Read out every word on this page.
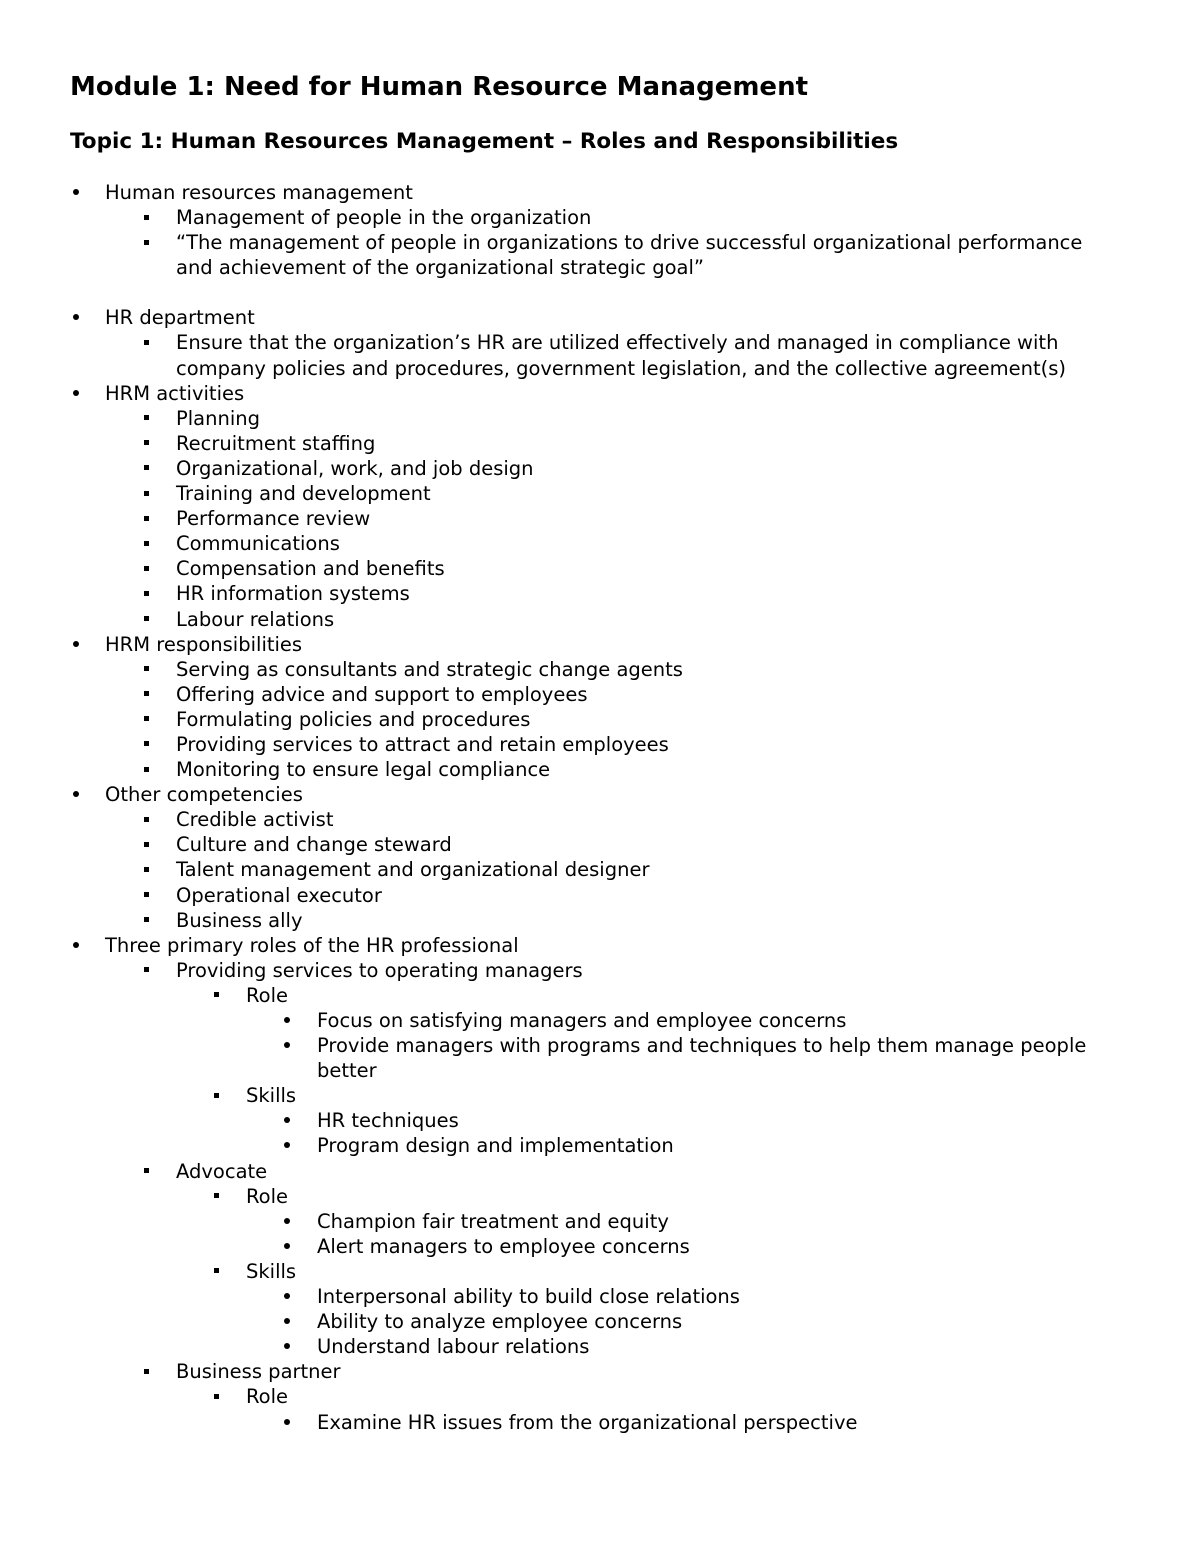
Module 1: Need for Human Resource Management
Topic 1: Human Resources Management – Roles and Responsibilities
Human resources management
Management of people in the organization
“The management of people in organizations to drive successful organizational performance and achievement of the organizational strategic goal”
HR department
Ensure that the organization’s HR are utilized effectively and managed in compliance with company policies and procedures, government legislation, and the collective agreement(s)
HRM activities
Planning
Recruitment staffing
Organizational, work, and job design
Training and development
Performance review
Communications
Compensation and benefits
HR information systems
Labour relations
HRM responsibilities
Serving as consultants and strategic change agents
Offering advice and support to employees
Formulating policies and procedures
Providing services to attract and retain employees
Monitoring to ensure legal compliance
Other competencies
Credible activist
Culture and change steward
Talent management and organizational designer
Operational executor
Business ally
Three primary roles of the HR professional
Providing services to operating managers
Role
Focus on satisfying managers and employee concerns
Provide managers with programs and techniques to help them manage people better
Skills
HR techniques
Program design and implementation
Advocate
Role
Champion fair treatment and equity
Alert managers to employee concerns
Skills
Interpersonal ability to build close relations
Ability to analyze employee concerns
Understand labour relations
Business partner
Role
Examine HR issues from the organizational perspective
